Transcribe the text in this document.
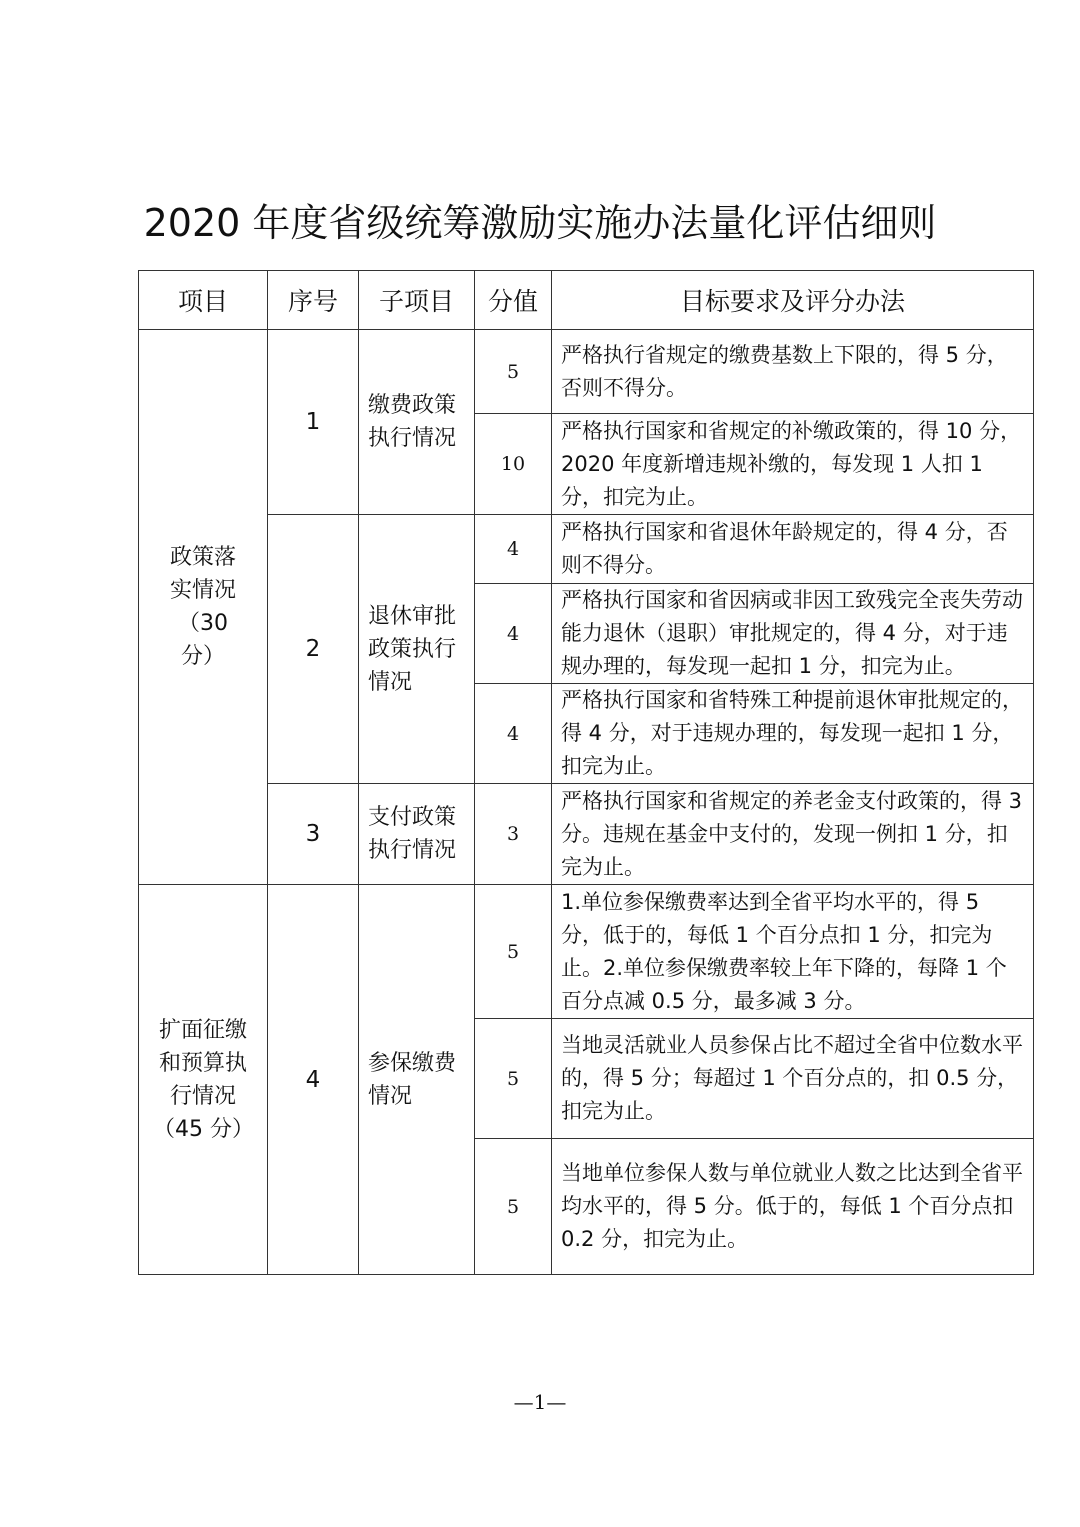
2020 年度省级统筹激励实施办法量化评估细则
项目	序号	子项目	分值	目标要求及评分办法

政策落实情况（30 分）	1	缴费政策执行情况	5	严格执行省规定的缴费基数上下限的，得 5 分，否则不得分。
			10	严格执行国家和省规定的补缴政策的，得 10 分，2020 年度新增违规补缴的，每发现 1 人扣 1 分，扣完为止。
	2	退休审批政策执行情况	4	严格执行国家和省退休年龄规定的，得 4 分，否则不得分。
			4	严格执行国家和省因病或非因工致残完全丧失劳动能力退休（退职）审批规定的，得 4 分，对于违规办理的，每发现一起扣 1 分，扣完为止。
			4	严格执行国家和省特殊工种提前退休审批规定的，得 4 分，对于违规办理的，每发现一起扣 1 分，扣完为止。
	3	支付政策执行情况	3	严格执行国家和省规定的养老金支付政策的，得 3 分。违规在基金中支付的，发现一例扣 1 分，扣完为止。

扩面征缴和预算执行情况（45 分）	4	参保缴费情况	5	1.单位参保缴费率达到全省平均水平的，得 5 分，低于的，每低 1 个百分点扣 1 分，扣完为止。2.单位参保缴费率较上年下降的，每降 1 个百分点减 0.5 分，最多减 3 分。
			5	当地灵活就业人员参保占比不超过全省中位数水平的，得 5 分；每超过 1 个百分点的，扣 0.5 分，扣完为止。
			5	当地单位参保人数与单位就业人数之比达到全省平均水平的，得 5 分。低于的，每低 1 个百分点扣 0.2 分，扣完为止。
—1—
